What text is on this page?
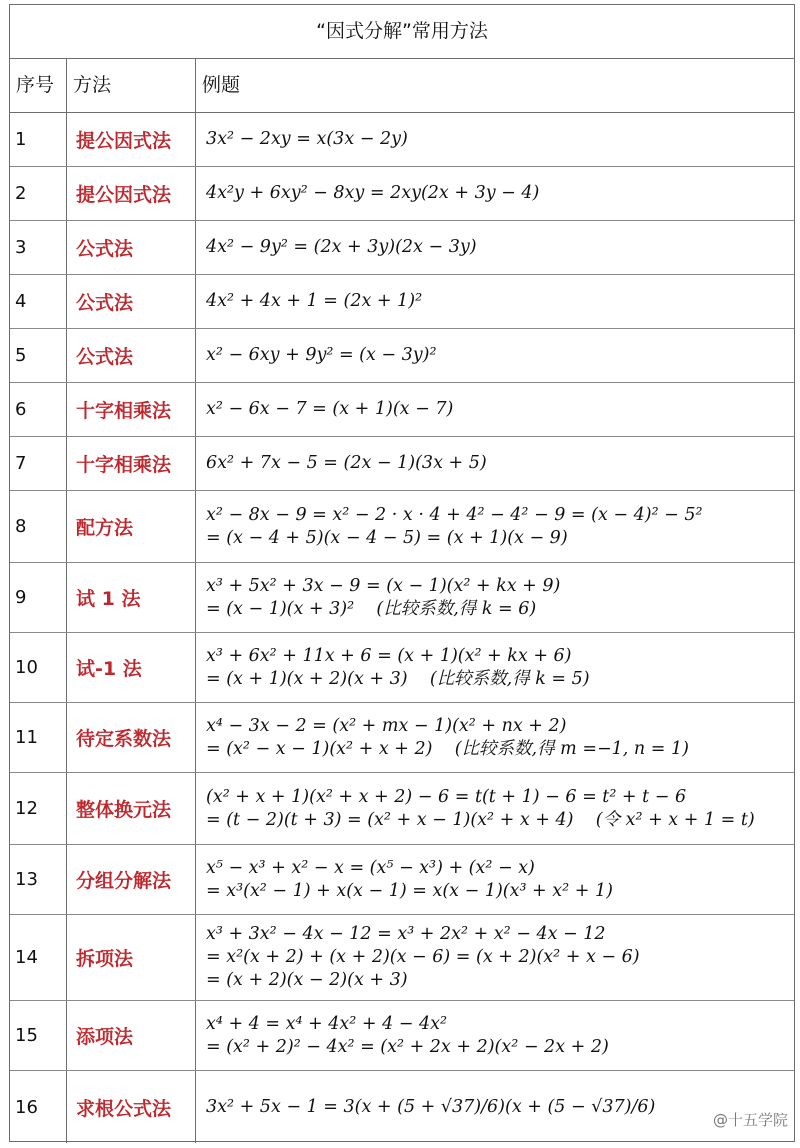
“因式分解”常用方法
序号 方法	例题
1	提公因式法	3x² − 2xy = x(3x − 2y)
2	提公因式法	4x²y + 6xy² − 8xy = 2xy(2x + 3y − 4)
3	公式法	4x² − 9y² = (2x + 3y)(2x − 3y)
4	公式法	4x² + 4x + 1 = (2x + 1)²
5	公式法	x² − 6xy + 9y² = (x − 3y)²
6	十字相乘法	x² − 6x − 7 = (x + 1)(x − 7)
7	十字相乘法	6x² + 7x − 5 = (2x − 1)(3x + 5)
8	配方法
x² − 8x − 9 = x² − 2 · x · 4 + 4² − 4² − 9 = (x − 4)² − 5²
= (x − 4 + 5)(x − 4 − 5) = (x + 1)(x − 9)
9	试 1 法
x³ + 5x² + 3x − 9 = (x − 1)(x² + kx + 9)
= (x − 1)(x + 3)²    (比较系数,得 k = 6)
10	试-1 法
x³ + 6x² + 11x + 6 = (x + 1)(x² + kx + 6)
= (x + 1)(x + 2)(x + 3)    (比较系数,得 k = 5)
11	待定系数法
x⁴ − 3x − 2 = (x² + mx − 1)(x² + nx + 2)
= (x² − x − 1)(x² + x + 2)    (比较系数,得 m =−1, n = 1)
12	整体换元法
(x² + x + 1)(x² + x + 2) − 6 = t(t + 1) − 6 = t² + t − 6
= (t − 2)(t + 3) = (x² + x − 1)(x² + x + 4)    (令 x² + x + 1 = t)
13	分组分解法
x⁵ − x³ + x² − x = (x⁵ − x³) + (x² − x)
= x³(x² − 1) + x(x − 1) = x(x − 1)(x³ + x² + 1)
14	拆项法
x³ + 3x² − 4x − 12 = x³ + 2x² + x² − 4x − 12
= x²(x + 2) + (x + 2)(x − 6) = (x + 2)(x² + x − 6)
= (x + 2)(x − 2)(x + 3)
15	添项法
x⁴ + 4 = x⁴ + 4x² + 4 − 4x²
= (x² + 2)² − 4x² = (x² + 2x + 2)(x² − 2x + 2)
16	求根公式法	3x² + 5x − 1 = 3(x + (5 + √37)/6)(x + (5 − √37)/6)
@十五学院
